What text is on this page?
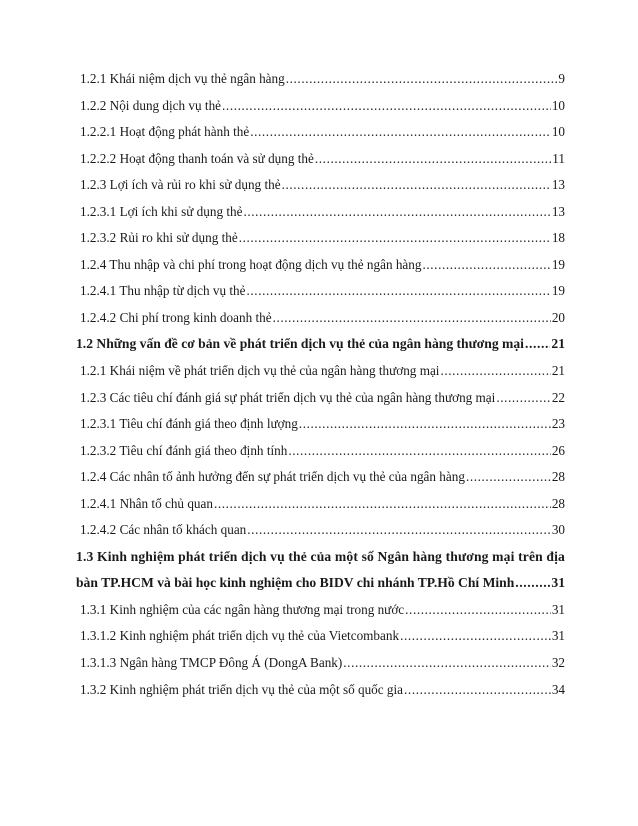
1.2.1 Khái niệm dịch vụ thẻ ngân hàng .....	9
1.2.2 Nội dung dịch vụ thẻ .....	10
1.2.2.1 Hoạt động phát hành thẻ .....	10
1.2.2.2 Hoạt động thanh toán và sử dụng thẻ .....	11
1.2.3 Lợi ích và rủi ro khi sử dụng thẻ .....	13
1.2.3.1 Lợi ích khi sử dụng thẻ .....	13
1.2.3.2 Rủi ro khi sử dụng thẻ .....	18
1.2.4 Thu nhập và chi phí trong hoạt động dịch vụ thẻ ngân hàng .....	19
1.2.4.1 Thu nhập từ dịch vụ thẻ .....	19
1.2.4.2 Chi phí trong kinh doanh thẻ .....	20
1.2 Những vấn đề cơ bản về phát triển dịch vụ thẻ của ngân hàng thương mại ..... 21
1.2.1 Khái niệm về phát triển dịch vụ thẻ của ngân hàng thương mại .....	21
1.2.3 Các tiêu chí đánh giá sự phát triển dịch vụ thẻ của ngân hàng thương mại .....	22
1.2.3.1 Tiêu chí đánh giá theo định lượng .....	23
1.2.3.2 Tiêu chí đánh giá theo định tính .....	26
1.2.4 Các nhân tố ảnh hưởng đến sự phát triển dịch vụ thẻ của ngân hàng .....	28
1.2.4.1 Nhân tố chủ quan .....	28
1.2.4.2 Các nhân tố khách quan .....	30
1.3 Kinh nghiệm phát triển dịch vụ thẻ của một số Ngân hàng thương mại trên địa
bàn TP.HCM và bài học kinh nghiệm cho BIDV chi nhánh TP.Hồ Chí Minh .....	31
1.3.1 Kinh nghiệm của các ngân hàng thương mại trong nước .....	31
1.3.1.2 Kinh nghiệm phát triển dịch vụ thẻ của Vietcombank .....	31
1.3.1.3 Ngân hàng TMCP Đông Á (DongA Bank) .....	32
1.3.2 Kinh nghiệm phát triển dịch vụ thẻ của một số quốc gia .....	34
